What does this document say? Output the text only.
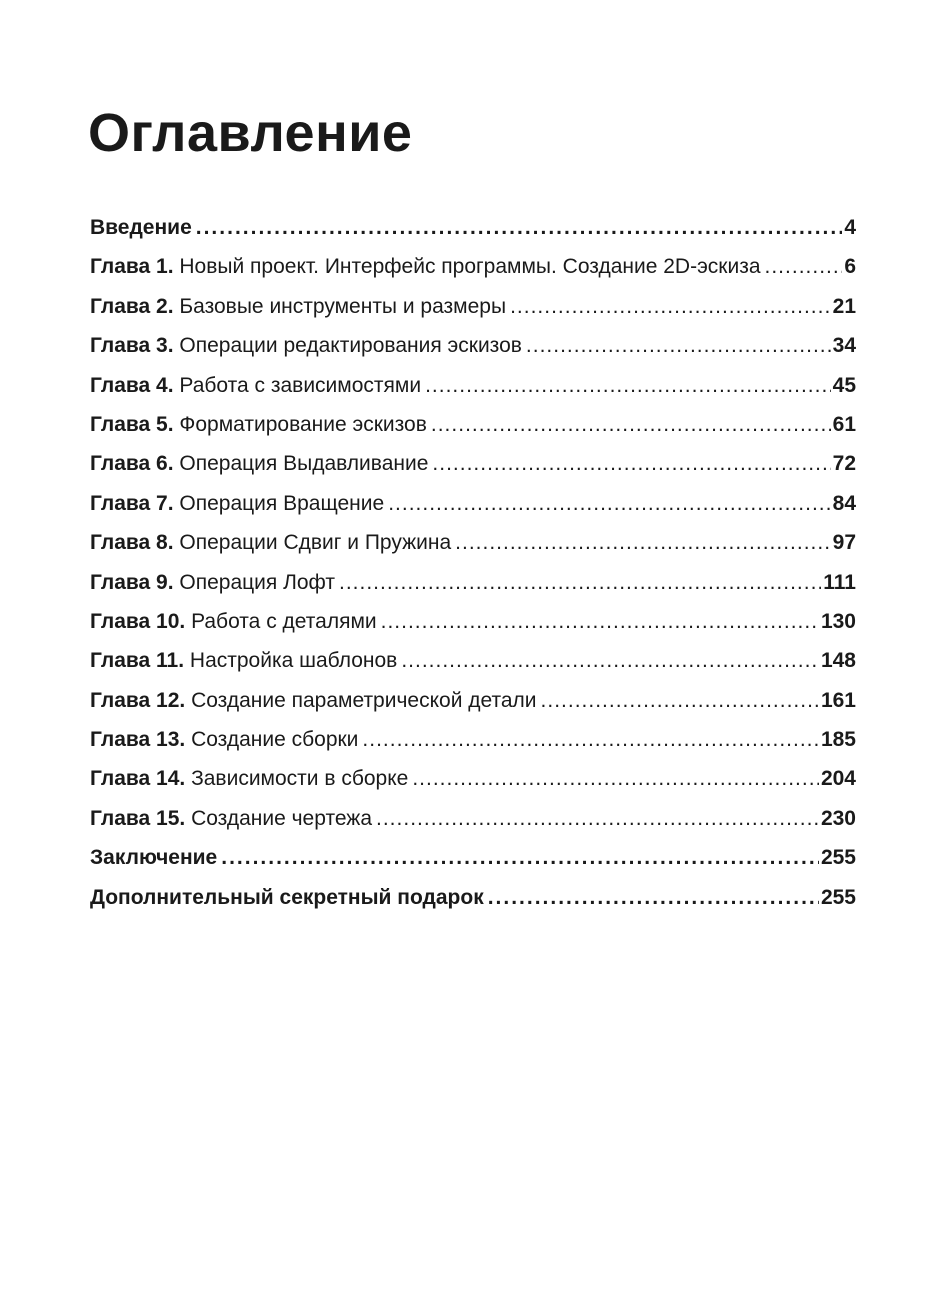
Оглавление
Введение .....	4
Глава 1. Новый проект. Интерфейс программы. Создание 2D-эскиза .....	6
Глава 2. Базовые инструменты и размеры .....	21
Глава 3. Операции редактирования эскизов .....	34
Глава 4. Работа с зависимостями .....	45
Глава 5. Форматирование эскизов .....	61
Глава 6. Операция Выдавливание .....	72
Глава 7. Операция Вращение .....	84
Глава 8. Операции Сдвиг и Пружина .....	97
Глава 9. Операция Лофт .....	111
Глава 10. Работа с деталями .....	130
Глава 11. Настройка шаблонов .....	148
Глава 12. Создание параметрической детали .....	161
Глава 13. Создание сборки .....	185
Глава 14. Зависимости в сборке .....	204
Глава 15. Создание чертежа .....	230
Заключение .....	255
Дополнительный секретный подарок .....	255
